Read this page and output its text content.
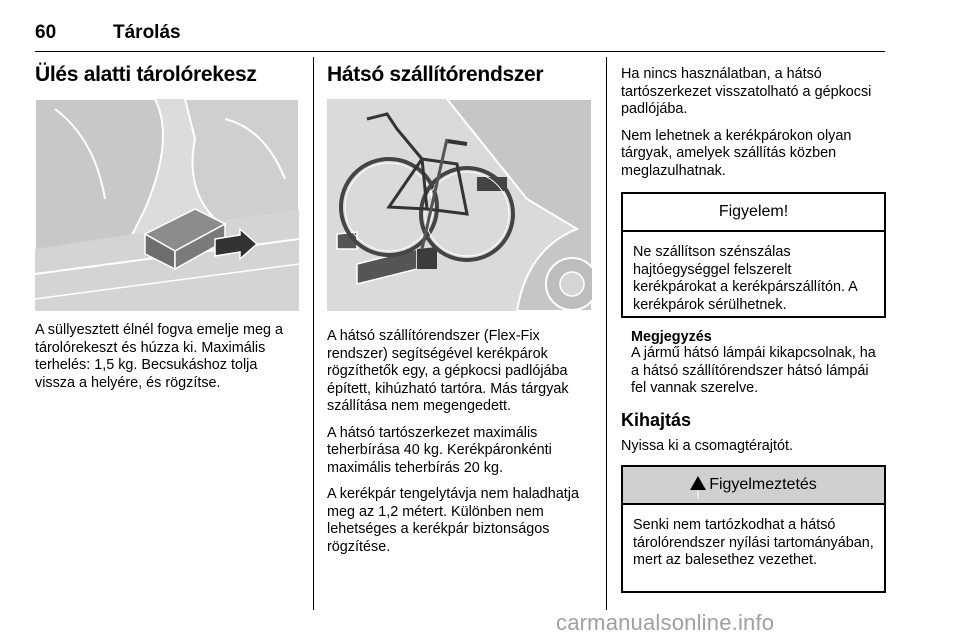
60	Tárolás
Ülés alatti tárolórekesz

A süllyesztett élnél fogva emelje meg a tárolórekeszt és húzza ki. Maximális terhelés: 1,5 kg. Becsukáshoz tolja vissza a helyére, és rögzítse.

Hátsó szállítórendszer

A hátsó szállítórendszer (Flex-Fix rendszer) segítségével kerékpárok rögzíthetők egy, a gépkocsi padlójába épített, kihúzható tartóra. Más tárgyak szállítása nem megengedett.

A hátsó tartószerkezet maximális teherbírása 40 kg. Kerékpáronkénti maximális teherbírás 20 kg.

A kerékpár tengelytávja nem haladhatja meg az 1,2 métert. Különben nem lehetséges a kerékpár biztonságos rögzítése.

Ha nincs használatban, a hátsó tartószerkezet visszatolható a gépkocsi padlójába.

Nem lehetnek a kerékpárokon olyan tárgyak, amelyek szállítás közben meglazulhatnak.

Figyelem!

Ne szállítson szénszálas hajtóegységgel felszerelt kerékpárokat a kerékpárszállítón. A kerékpárok sérülhetnek.

Megjegyzés

A jármű hátsó lámpái kikapcsolnak, ha a hátsó szállítórendszer hátsó lámpái fel vannak szerelve.

Kihajtás

Nyissa ki a csomagtérajtót.

!Figyelmeztetés

Senki nem tartózkodhat a hátsó tárolórendszer nyílási tartományában, mert az balesethez vezethet.

carmanualsonline.info
